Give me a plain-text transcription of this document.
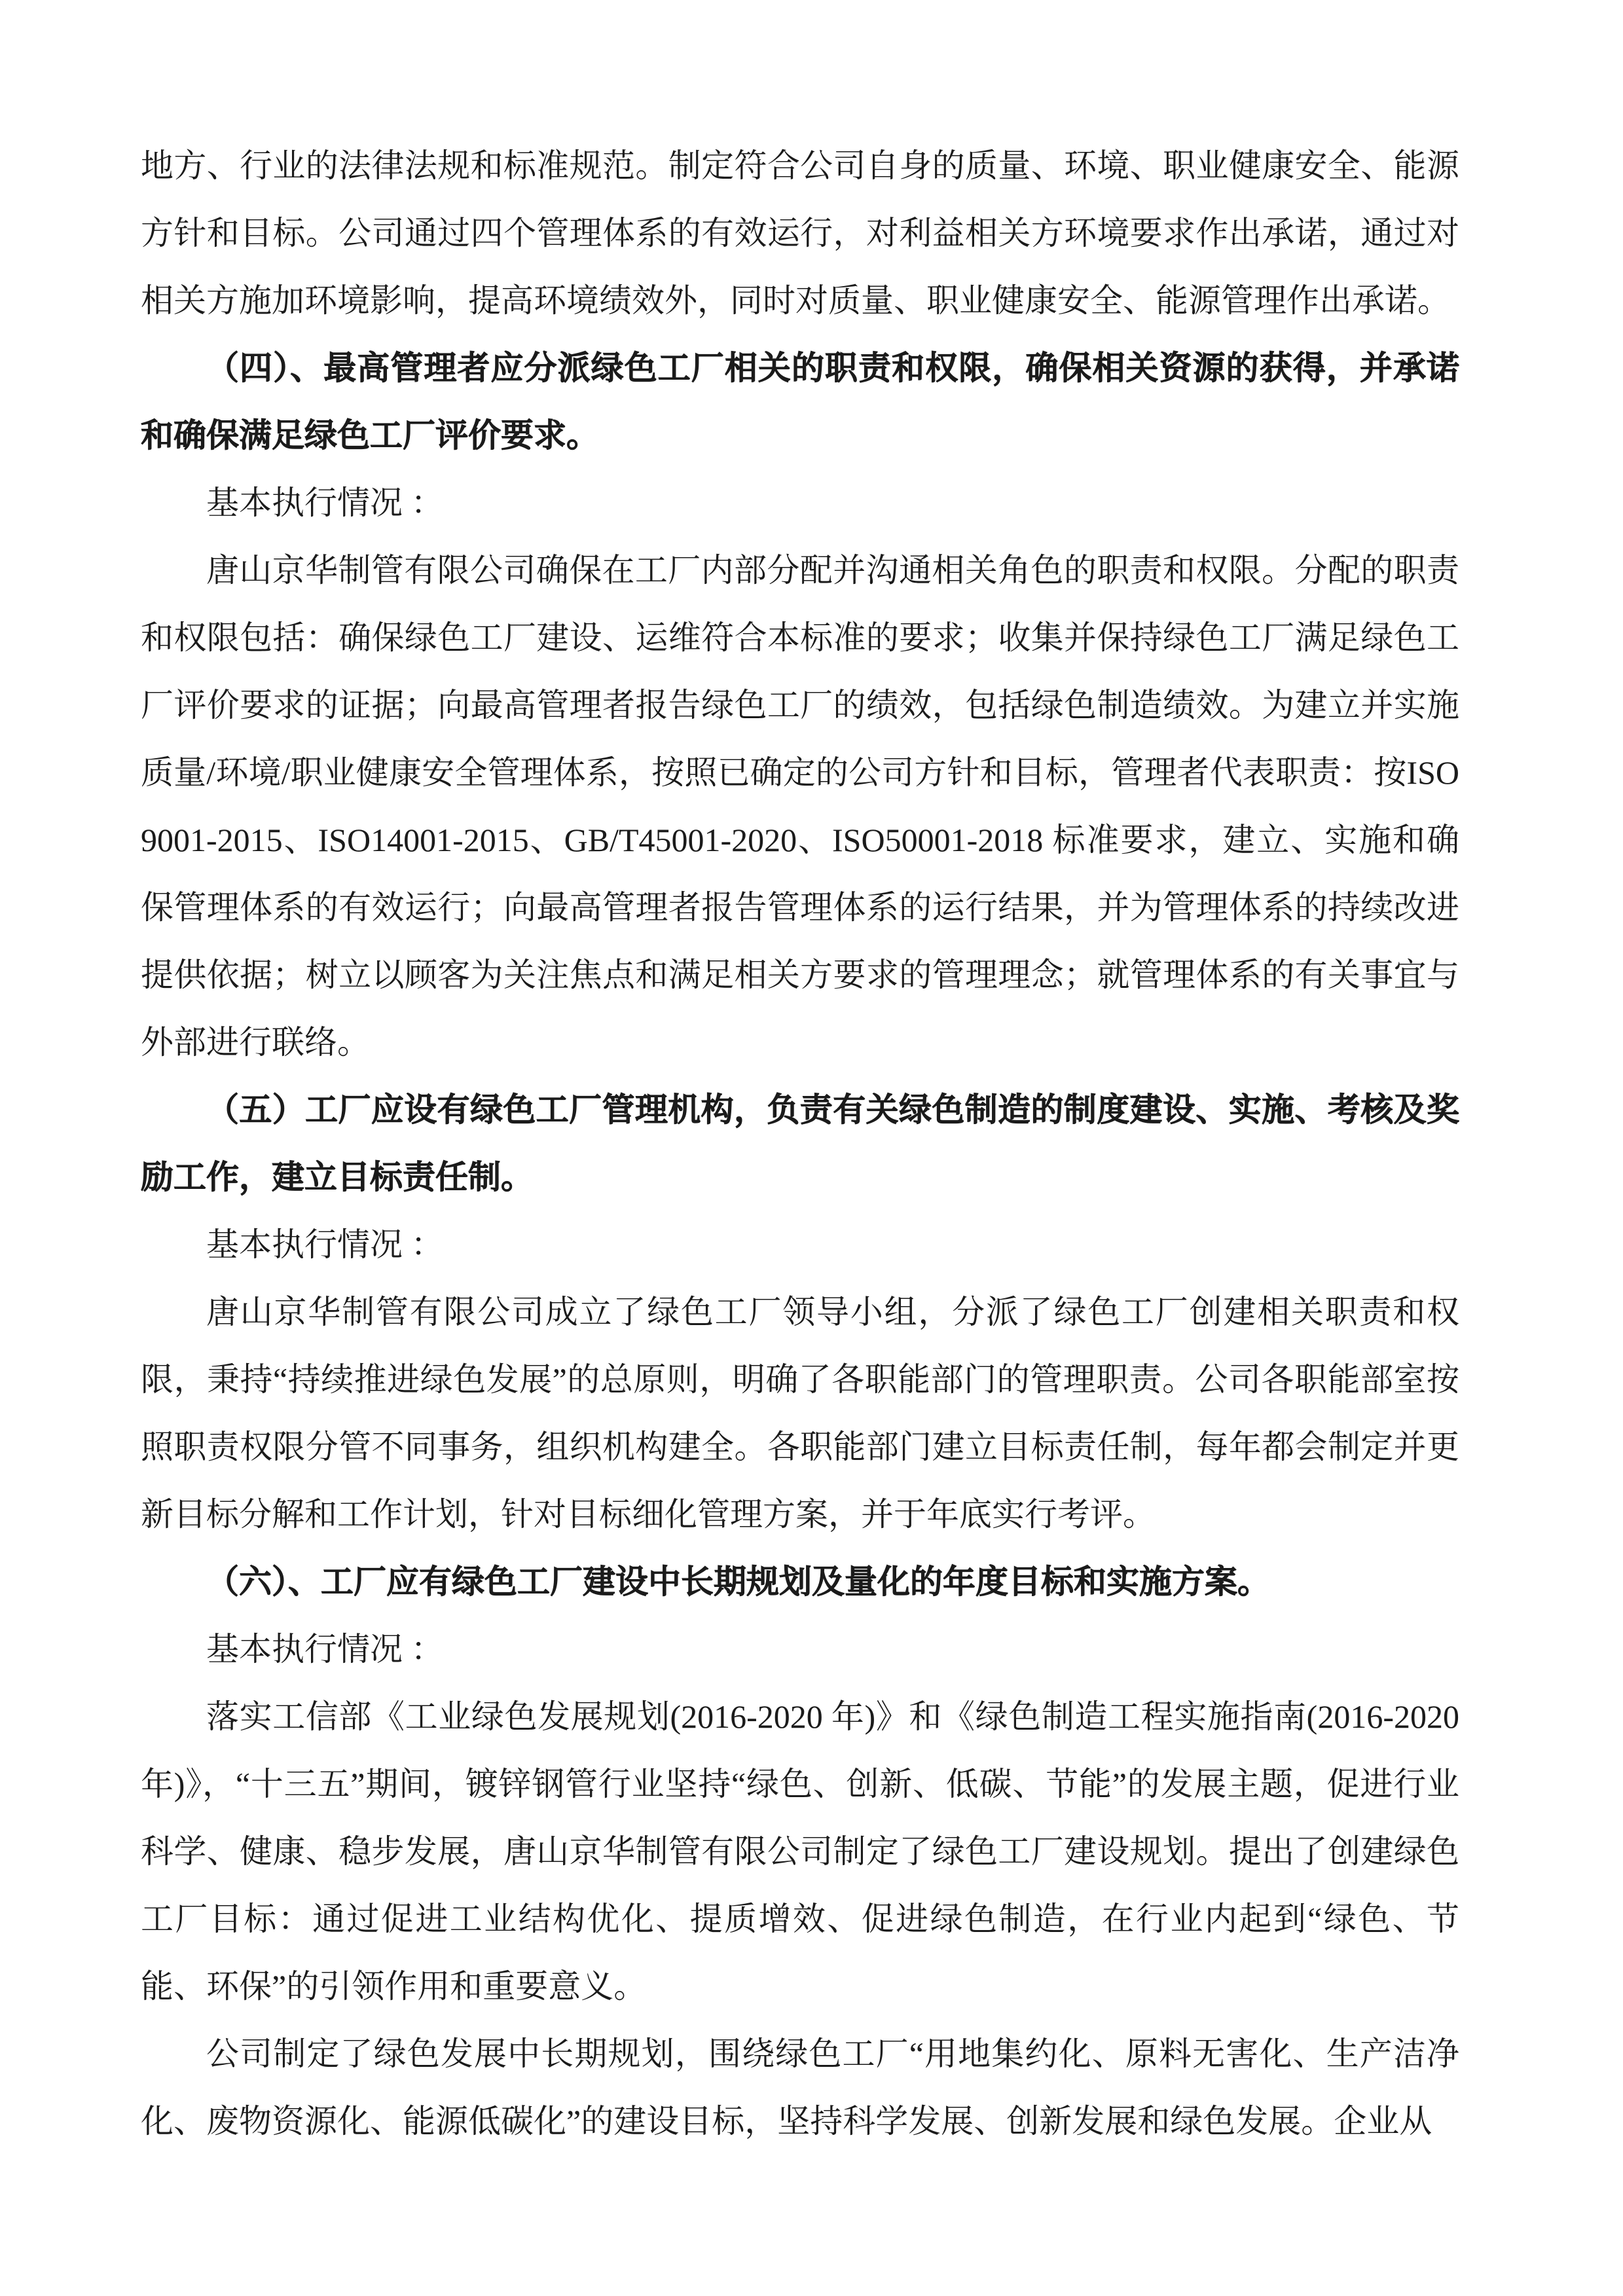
地方、行业的法律法规和标准规范。制定符合公司自身的质量、环境、职业健康安全、能源方针和目标。公司通过四个管理体系的有效运行，对利益相关方环境要求作出承诺，通过对相关方施加环境影响，提高环境绩效外，同时对质量、职业健康安全、能源管理作出承诺。

（四）、最高管理者应分派绿色工厂相关的职责和权限，确保相关资源的获得，并承诺和确保满足绿色工厂评价要求。

基本执行情况 ：

唐山京华制管有限公司确保在工厂内部分配并沟通相关角色的职责和权限。分配的职责和权限包括：确保绿色工厂建设、运维符合本标准的要求；收集并保持绿色工厂满足绿色工厂评价要求的证据；向最高管理者报告绿色工厂的绩效，包括绿色制造绩效。为建立并实施质量/环境/职业健康安全管理体系，按照已确定的公司方针和目标，管理者代表职责：按ISO9001-2015、ISO14001-2015、GB/T45001-2020、ISO50001-2018 标准要求，建立、实施和确保管理体系的有效运行；向最高管理者报告管理体系的运行结果，并为管理体系的持续改进提供依据；树立以顾客为关注焦点和满足相关方要求的管理理念；就管理体系的有关事宜与外部进行联络。

（五）工厂应设有绿色工厂管理机构，负责有关绿色制造的制度建设、实施、考核及奖励工作，建立目标责任制。

基本执行情况 ：

唐山京华制管有限公司成立了绿色工厂领导小组，分派了绿色工厂创建相关职责和权限，秉持“持续推进绿色发展”的总原则，明确了各职能部门的管理职责。公司各职能部室按照职责权限分管不同事务，组织机构建全。各职能部门建立目标责任制，每年都会制定并更新目标分解和工作计划，针对目标细化管理方案，并于年底实行考评。

（六）、工厂应有绿色工厂建设中长期规划及量化的年度目标和实施方案。

基本执行情况 ：

落实工信部《工业绿色发展规划(2016-2020 年)》和《绿色制造工程实施指南(2016-2020 年)》，“十三五”期间，镀锌钢管行业坚持“绿色、创新、低碳、节能”的发展主题，促进行业科学、健康、稳步发展，唐山京华制管有限公司制定了绿色工厂建设规划。提出了创建绿色工厂目标：通过促进工业结构优化、提质增效、促进绿色制造，在行业内起到“绿色、节能、环保”的引领作用和重要意义。

公司制定了绿色发展中长期规划，围绕绿色工厂“用地集约化、原料无害化、生产洁净化、废物资源化、能源低碳化”的建设目标，坚持科学发展、创新发展和绿色发展。企业从
